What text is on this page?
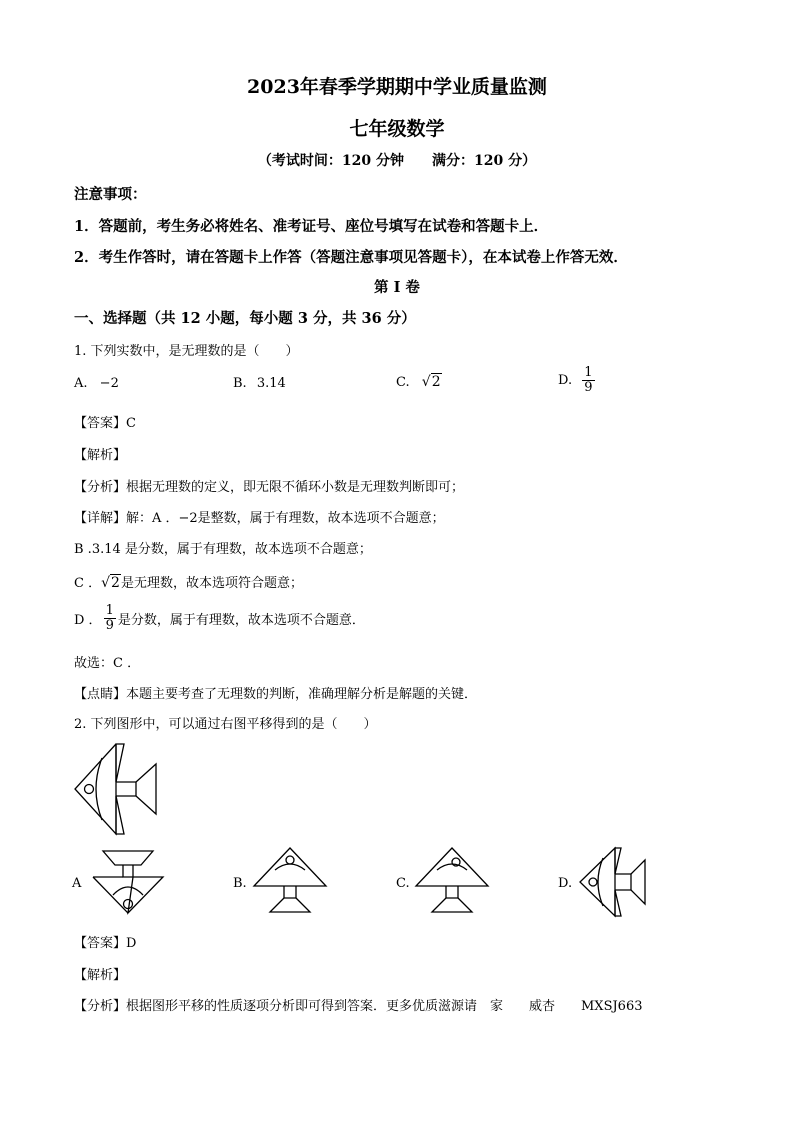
2023年春季学期期中学业质量监测
七年级数学
（考试时间：120 分钟　　满分：120 分）
注意事项：
1．答题前，考生务必将姓名、准考证号、座位号填写在试卷和答题卡上．
2．考生作答时，请在答题卡上作答（答题注意事项见答题卡），在本试卷上作答无效．
第 I 卷
一、选择题（共 12 小题，每小题 3 分，共 36 分）
1. 下列实数中，是无理数的是（　　）
A. −2	B. 3.14	C. √2	D. $\frac{1}{9}$
【答案】C
【解析】
【分析】根据无理数的定义，即无限不循环小数是无理数判断即可；
【详解】解：A ．−2是整数，属于有理数，故本选项不合题意；
B .3.14 是分数，属于有理数，故本选项不合题意；
C ．√2是无理数，故本选项符合题意；
D ． $\frac{1}{9}$ 是分数，属于有理数，故本选项不合题意．
故选：C ．
【点睛】本题主要考查了无理数的判断，准确理解分析是解题的关键．
2. 下列图形中，可以通过右图平移得到的是（　　）
A	B.	C.	D.
【答案】D
【解析】
【分析】根据图形平移的性质逐项分析即可得到答案．更多优质滋源请　家　　威杏　　MXSJ663
